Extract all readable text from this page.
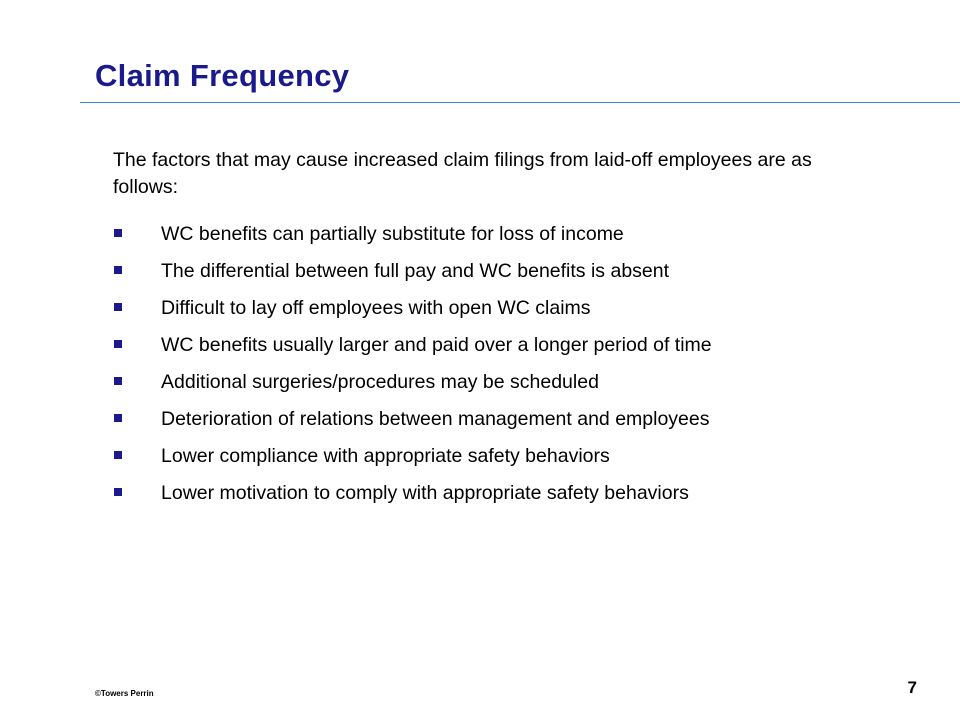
Claim Frequency

The factors that may cause increased claim filings from laid-off employees are as follows:

WC benefits can partially substitute for loss of income
The differential between full pay and WC benefits is absent
Difficult to lay off employees with open WC claims
WC benefits usually larger and paid over a longer period of time
Additional surgeries/procedures may be scheduled
Deterioration of relations between management and employees
Lower compliance with appropriate safety behaviors
Lower motivation to comply with appropriate safety behaviors
©Towers Perrin	7
